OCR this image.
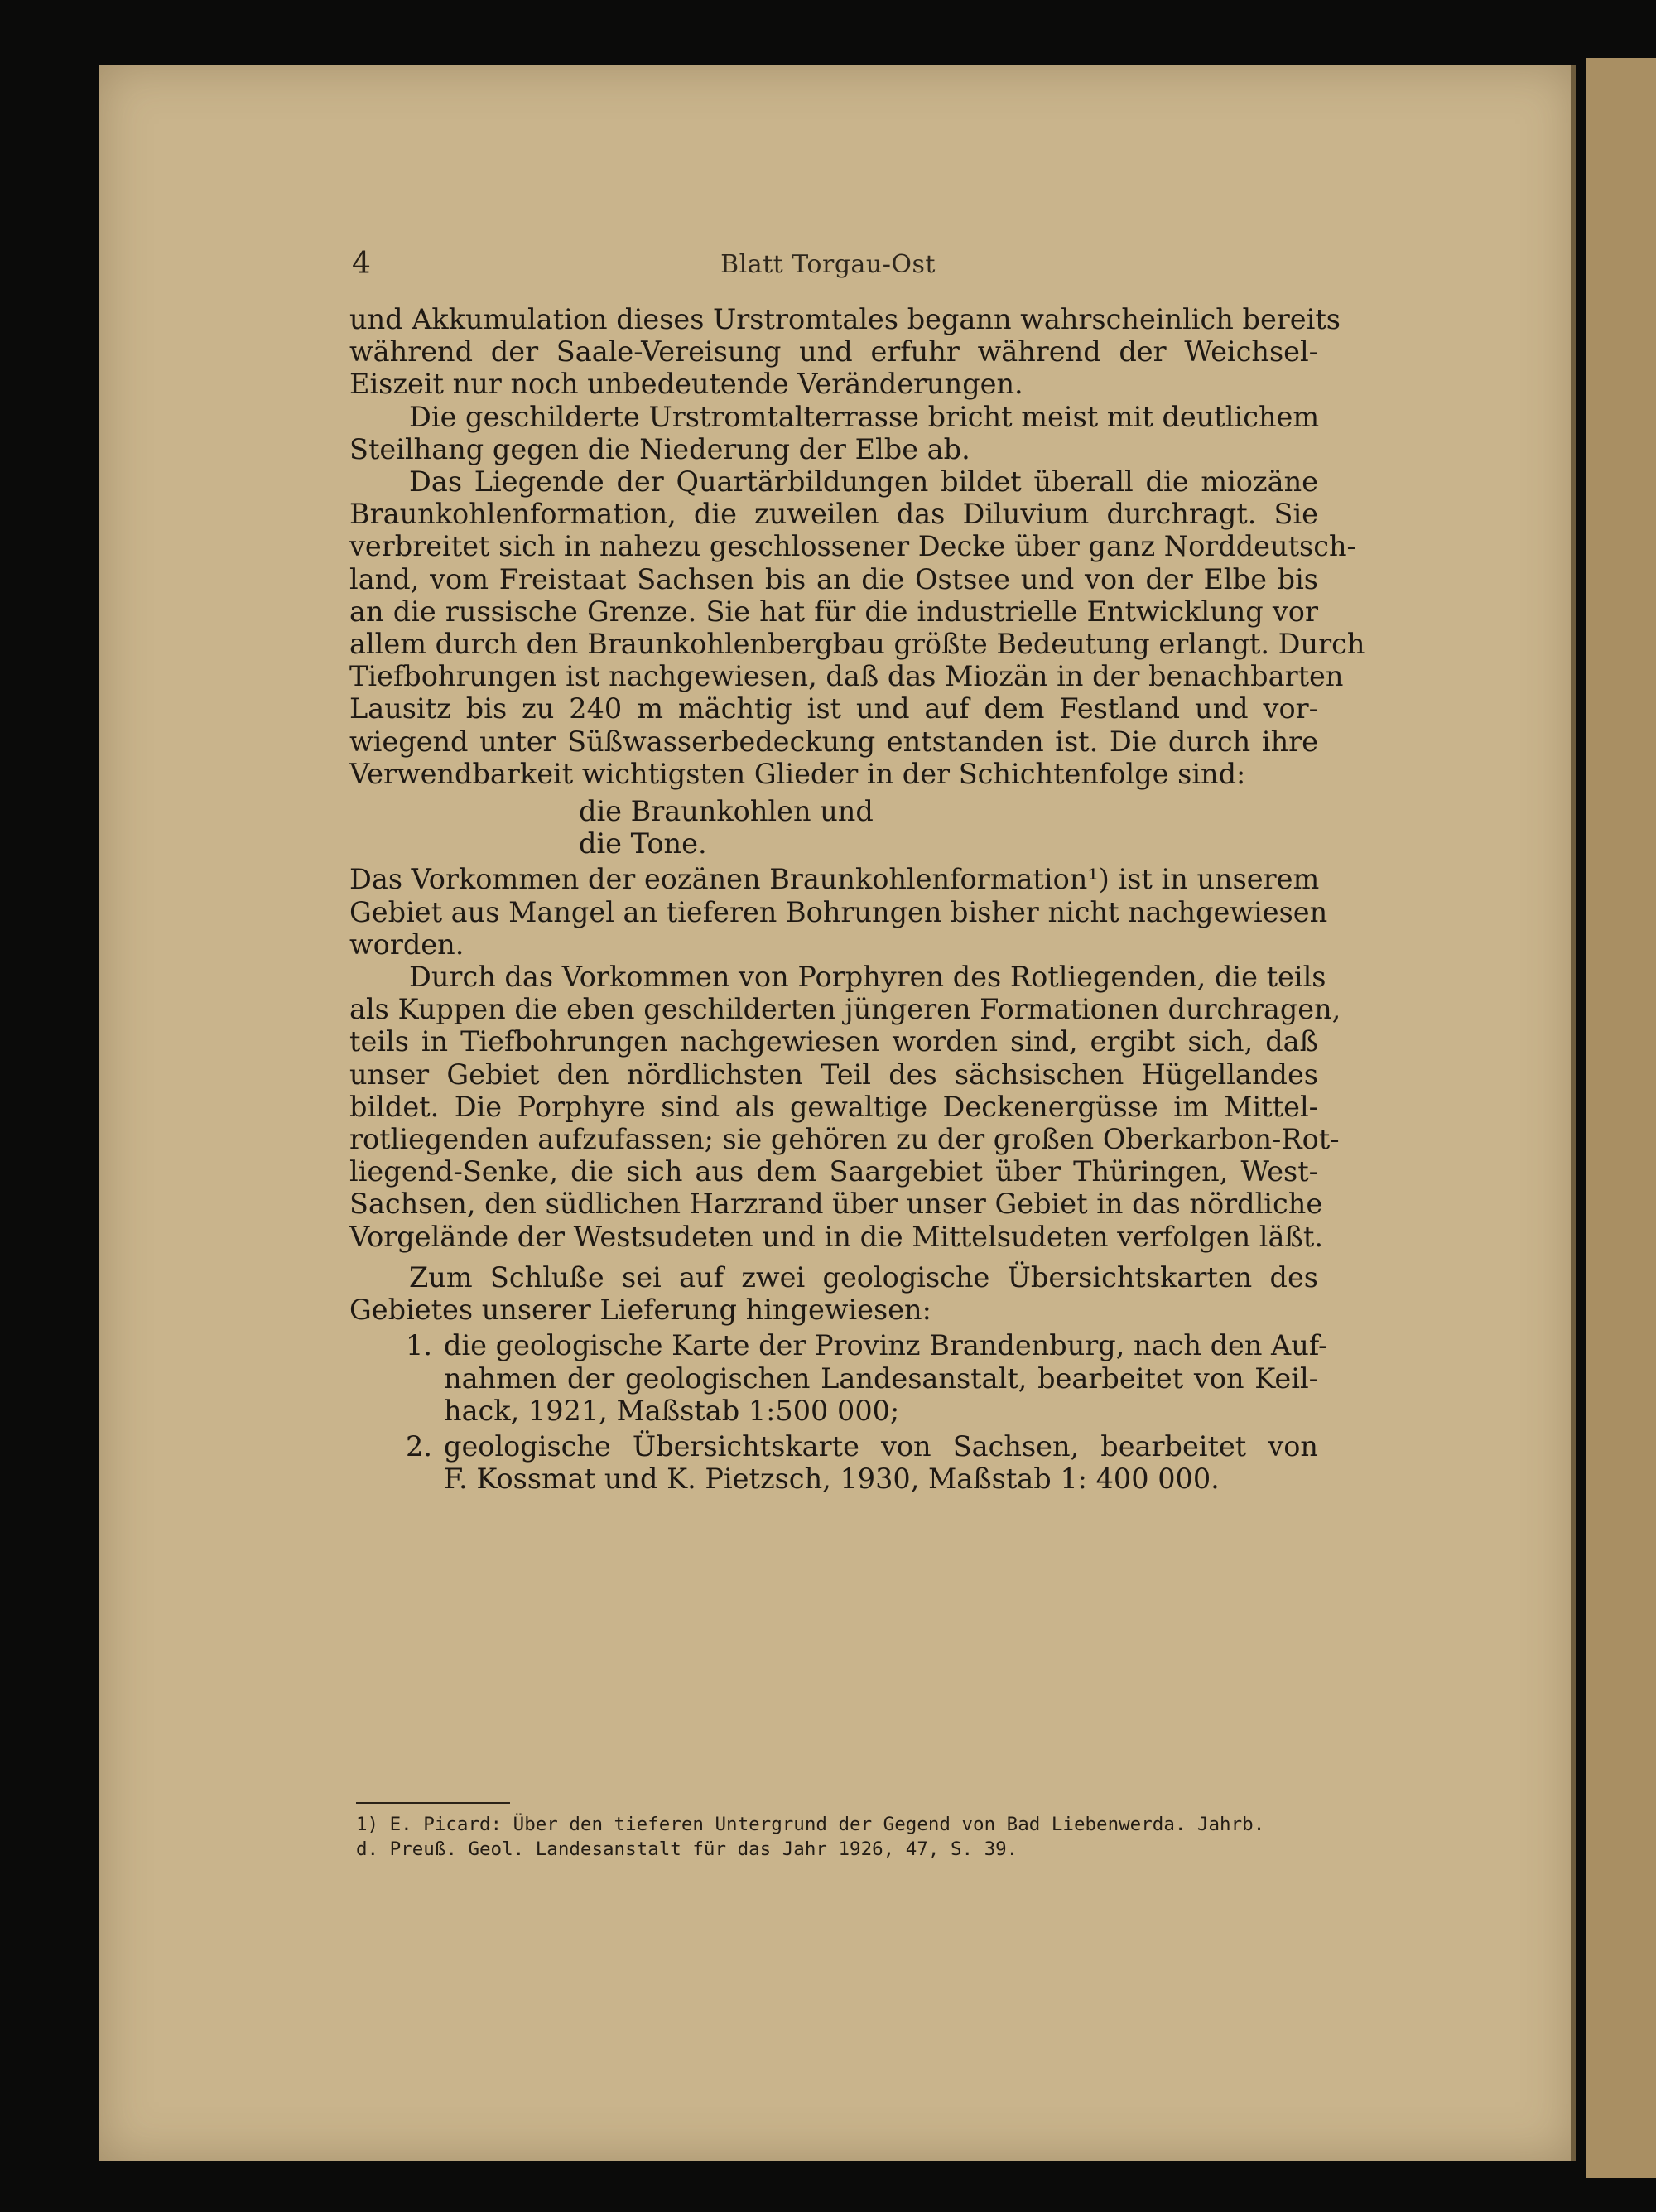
4	Blatt Torgau-Ost

und Akkumulation dieses Urstromtales begann wahrscheinlich bereits
während der Saale-Vereisung und erfuhr während der Weichsel-
Eiszeit nur noch unbedeutende Veränderungen.

Die geschilderte Urstromtalterrasse bricht meist mit deutlichem
Steilhang gegen die Niederung der Elbe ab.

Das Liegende der Quartärbildungen bildet überall die miozäne
Braunkohlenformation, die zuweilen das Diluvium durchragt. Sie
verbreitet sich in nahezu geschlossener Decke über ganz Norddeutsch-
land, vom Freistaat Sachsen bis an die Ostsee und von der Elbe bis
an die russische Grenze. Sie hat für die industrielle Entwicklung vor
allem durch den Braunkohlenbergbau größte Bedeutung erlangt. Durch
Tiefbohrungen ist nachgewiesen, daß das Miozän in der benachbarten
Lausitz bis zu 240 m mächtig ist und auf dem Festland und vor-
wiegend unter Süßwasserbedeckung entstanden ist. Die durch ihre
Verwendbarkeit wichtigsten Glieder in der Schichtenfolge sind:

die Braunkohlen und
die Tone.

Das Vorkommen der eozänen Braunkohlenformation¹) ist in unserem
Gebiet aus Mangel an tieferen Bohrungen bisher nicht nachgewiesen
worden.

Durch das Vorkommen von Porphyren des Rotliegenden, die teils
als Kuppen die eben geschilderten jüngeren Formationen durchragen,
teils in Tiefbohrungen nachgewiesen worden sind, ergibt sich, daß
unser Gebiet den nördlichsten Teil des sächsischen Hügellandes
bildet. Die Porphyre sind als gewaltige Deckenergüsse im Mittel-
rotliegenden aufzufassen; sie gehören zu der großen Oberkarbon-Rot-
liegend-Senke, die sich aus dem Saargebiet über Thüringen, West-
Sachsen, den südlichen Harzrand über unser Gebiet in das nördliche
Vorgelände der Westsudeten und in die Mittelsudeten verfolgen läßt.

Zum Schluße sei auf zwei geologische Übersichtskarten des
Gebietes unserer Lieferung hingewiesen:

1. die geologische Karte der Provinz Brandenburg, nach den Auf-
nahmen der geologischen Landesanstalt, bearbeitet von Keil-
hack, 1921, Maßstab 1:500 000;
2. geologische Übersichtskarte von Sachsen, bearbeitet von
F. Kossmat und K. Pietzsch, 1930, Maßstab 1: 400 000.
1) E. Picard: Über den tieferen Untergrund der Gegend von Bad Liebenwerda. Jahrb.
d. Preuß. Geol. Landesanstalt für das Jahr 1926, 47, S. 39.
